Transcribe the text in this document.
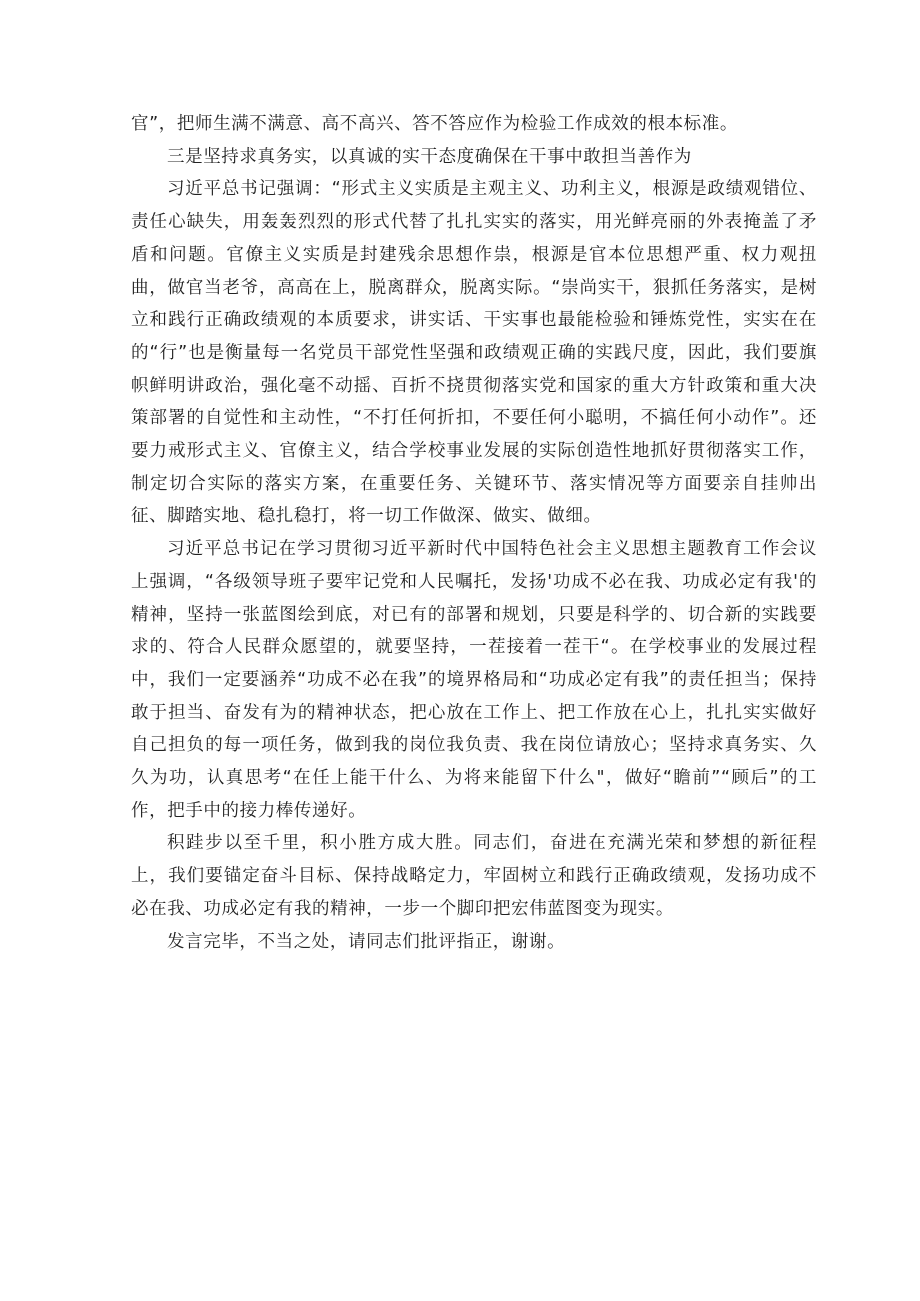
官”，把师生满不满意、高不高兴、答不答应作为检验工作成效的根本标准。

三是坚持求真务实，以真诚的实干态度确保在干事中敢担当善作为

习近平总书记强调：“形式主义实质是主观主义、功利主义，根源是政绩观错位、责任心缺失，用轰轰烈烈的形式代替了扎扎实实的落实，用光鲜亮丽的外表掩盖了矛盾和问题。官僚主义实质是封建残余思想作祟，根源是官本位思想严重、权力观扭曲，做官当老爷，高高在上，脱离群众，脱离实际。“崇尚实干，狠抓任务落实，是树立和践行正确政绩观的本质要求，讲实话、干实事也最能检验和锤炼党性，实实在在的“行”也是衡量每一名党员干部党性坚强和政绩观正确的实践尺度，因此，我们要旗帜鲜明讲政治，强化毫不动摇、百折不挠贯彻落实党和国家的重大方针政策和重大决策部署的自觉性和主动性，“不打任何折扣，不要任何小聪明，不搞任何小动作”。还要力戒形式主义、官僚主义，结合学校事业发展的实际创造性地抓好贯彻落实工作，制定切合实际的落实方案，在重要任务、关键环节、落实情况等方面要亲自挂帅出征、脚踏实地、稳扎稳打，将一切工作做深、做实、做细。

习近平总书记在学习贯彻习近平新时代中国特色社会主义思想主题教育工作会议上强调，“各级领导班子要牢记党和人民嘱托，发扬'功成不必在我、功成必定有我'的精神，坚持一张蓝图绘到底，对已有的部署和规划，只要是科学的、切合新的实践要求的、符合人民群众愿望的，就要坚持，一茬接着一茬干“。在学校事业的发展过程中，我们一定要涵养“功成不必在我”的境界格局和“功成必定有我”的责任担当；保持敢于担当、奋发有为的精神状态，把心放在工作上、把工作放在心上，扎扎实实做好自己担负的每一项任务，做到我的岗位我负责、我在岗位请放心；坚持求真务实、久久为功，认真思考“在任上能干什么、为将来能留下什么"，做好“瞻前”“顾后”的工作，把手中的接力棒传递好。

积跬步以至千里，积小胜方成大胜。同志们，奋进在充满光荣和梦想的新征程上，我们要锚定奋斗目标、保持战略定力，牢固树立和践行正确政绩观，发扬功成不必在我、功成必定有我的精神，一步一个脚印把宏伟蓝图变为现实。

发言完毕，不当之处，请同志们批评指正，谢谢。
